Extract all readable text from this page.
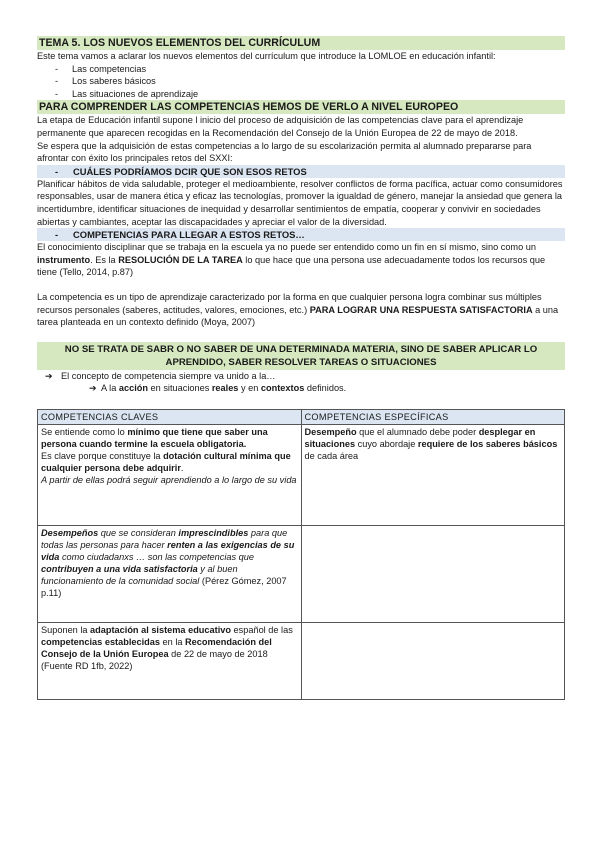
TEMA 5. LOS NUEVOS ELEMENTOS DEL CURRÍCULUM

Este tema vamos a aclarar los nuevos elementos del currículum que introduce la LOMLOE en educación infantil:

- Las competencias
- Los saberes básicos
- Las situaciones de aprendizaje
PARA COMPRENDER LAS COMPETENCIAS HEMOS DE VERLO A NIVEL EUROPEO

La etapa de Educación infantil supone l inicio del proceso de adquisición de las competencias clave para el aprendizaje permanente que aparecen recogidas en la Recomendación del Consejo de la Unión Europea de 22 de mayo de 2018.

Se espera que la adquisición de estas competencias a lo largo de su escolarización permita al alumnado prepararse para afrontar con éxito los principales retos del SXXI:

- CUÁLES PODRÍAMOS DCIR QUE SON ESOS RETOS

Planificar hábitos de vida saludable, proteger el medioambiente, resolver conflictos de forma pacífica, actuar como consumidores responsables, usar de manera ética y eficaz las tecnologías, promover la igualdad de género, manejar la ansiedad que genera la incertidumbre, identificar situaciones de inequidad y desarrollar sentimientos de empatía, cooperar y convivir en sociedades abiertas y cambiantes, aceptar las discapacidades y apreciar el valor de la diversidad.

- COMPETENCIAS PARA LLEGAR A ESTOS RETOS…

El conocimiento disciplinar que se trabaja en la escuela ya no puede ser entendido como un fin en sí mismo, sino como un instrumento. Es la RESOLUCIÓN DE LA TAREA lo que hace que una persona use adecuadamente todos los recursos que tiene (Tello, 2014, p.87)

La competencia es un tipo de aprendizaje caracterizado por la forma en que cualquier persona logra combinar sus múltiples recursos personales (saberes, actitudes, valores, emociones, etc.) PARA LOGRAR UNA RESPUESTA SATISFACTORIA a una tarea planteada en un contexto definido (Moya, 2007)

NO SE TRATA DE SABR O NO SABER DE UNA DETERMINADA MATERIA, SINO DE SABER APLICAR LO APRENDIDO, SABER RESOLVER TAREAS O SITUACIONES

➔ El concepto de competencia siempre va unido a la…

➔ A la acción en situaciones reales y en contextos definidos.

COMPETENCIAS CLAVES	COMPETENCIAS ESPECÍFICAS
Se entiende como lo mínimo que tiene que saber una persona cuando termine la escuela obligatoria.
Es clave porque constituye la dotación cultural mínima que cualquier persona debe adquirir.
A partir de ellas podrá seguir aprendiendo a lo largo de su vida	Desempeño que el alumnado debe poder desplegar en situaciones cuyo abordaje requiere de los saberes básicos de cada área
Desempeños que se consideran imprescindibles para que todas las personas para hacer renten a las exigencias de su vida como ciudadanxs … son las competencias que contribuyen a una vida satisfactoria y al buen funcionamiento de la comunidad social (Pérez Gómez, 2007 p.11)	
Suponen la adaptación al sistema educativo español de las competencias establecidas en la Recomendación del Consejo de la Unión Europea de 22 de mayo de 2018 (Fuente RD 1fb, 2022)	
